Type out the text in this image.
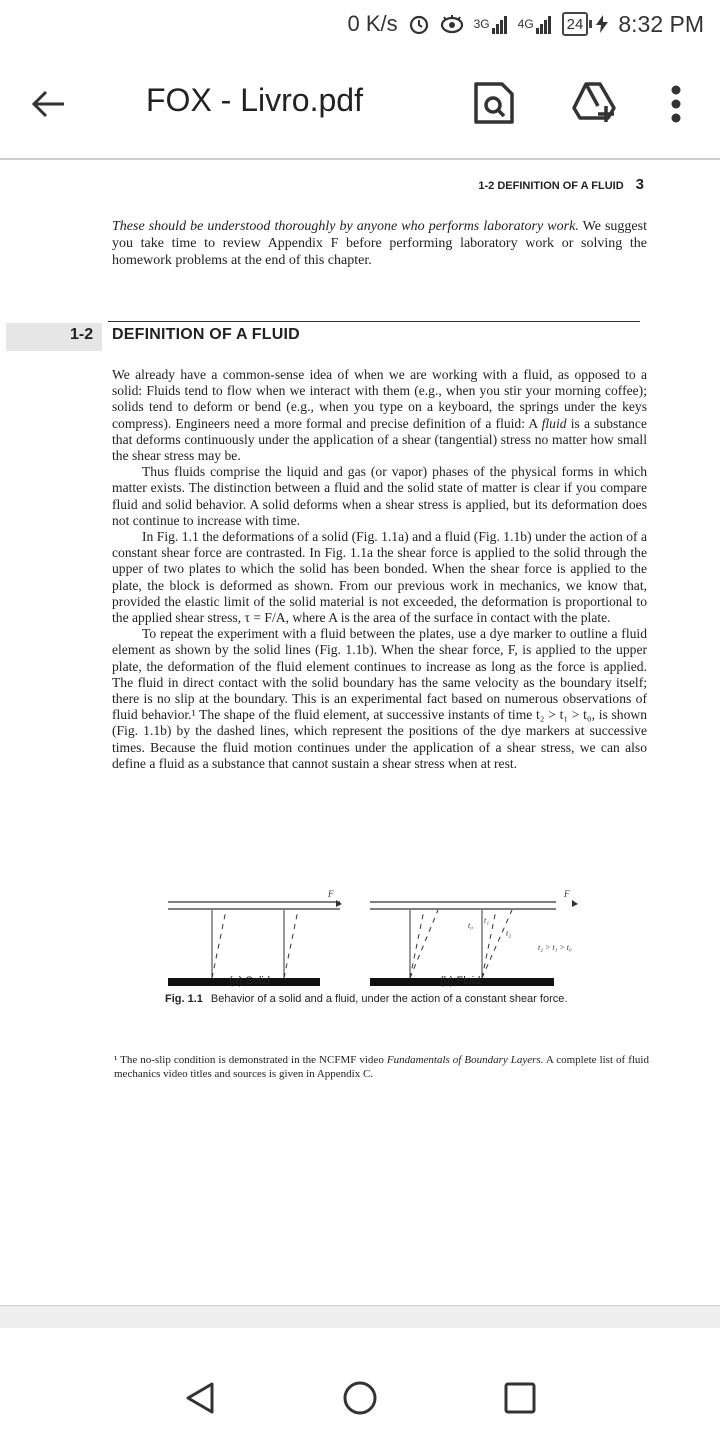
0 K/s	3G 4G 24 8:32 PM
FOX - Livro.pdf
1-2 DEFINITION OF A FLUID 3
These should be understood thoroughly by anyone who performs laboratory work. We suggest you take time to review Appendix F before performing laboratory work or solving the homework problems at the end of this chapter.
1-2 DEFINITION OF A FLUID

We already have a common-sense idea of when we are working with a fluid, as opposed to a solid: Fluids tend to flow when we interact with them (e.g., when you stir your morning coffee); solids tend to deform or bend (e.g., when you type on a keyboard, the springs under the keys compress). Engineers need a more formal and precise definition of a fluid: A fluid is a substance that deforms continuously under the application of a shear (tangential) stress no matter how small the shear stress may be.

Thus fluids comprise the liquid and gas (or vapor) phases of the physical forms in which matter exists. The distinction between a fluid and the solid state of matter is clear if you compare fluid and solid behavior. A solid deforms when a shear stress is applied, but its deformation does not continue to increase with time.

In Fig. 1.1 the deformations of a solid (Fig. 1.1a) and a fluid (Fig. 1.1b) under the action of a constant shear force are contrasted. In Fig. 1.1a the shear force is applied to the solid through the upper of two plates to which the solid has been bonded. When the shear force is applied to the plate, the block is deformed as shown. From our previous work in mechanics, we know that, provided the elastic limit of the solid material is not exceeded, the deformation is proportional to the applied shear stress, τ = F/A, where A is the area of the surface in contact with the plate.

To repeat the experiment with a fluid between the plates, use a dye marker to outline a fluid element as shown by the solid lines (Fig. 1.1b). When the shear force, F, is applied to the upper plate, the deformation of the fluid element continues to increase as long as the force is applied. The fluid in direct contact with the solid boundary has the same velocity as the boundary itself; there is no slip at the boundary. This is an experimental fact based on numerous observations of fluid behavior.¹ The shape of the fluid element, at successive instants of time t₂ > t₁ > t₀, is shown (Fig. 1.1b) by the dashed lines, which represent the positions of the dye markers at successive times. Because the fluid motion continues under the application of a shear stress, we can also define a fluid as a substance that cannot sustain a shear stress when at rest.

F
t₀
t₁
t₂
t₂ > t₁ > t₀
F
(a) Solid	(b) Fluid
Fig. 1.1 Behavior of a solid and a fluid, under the action of a constant shear force.
¹ The no-slip condition is demonstrated in the NCFMF video Fundamentals of Boundary Layers. A complete list of fluid mechanics video titles and sources is given in Appendix C.
